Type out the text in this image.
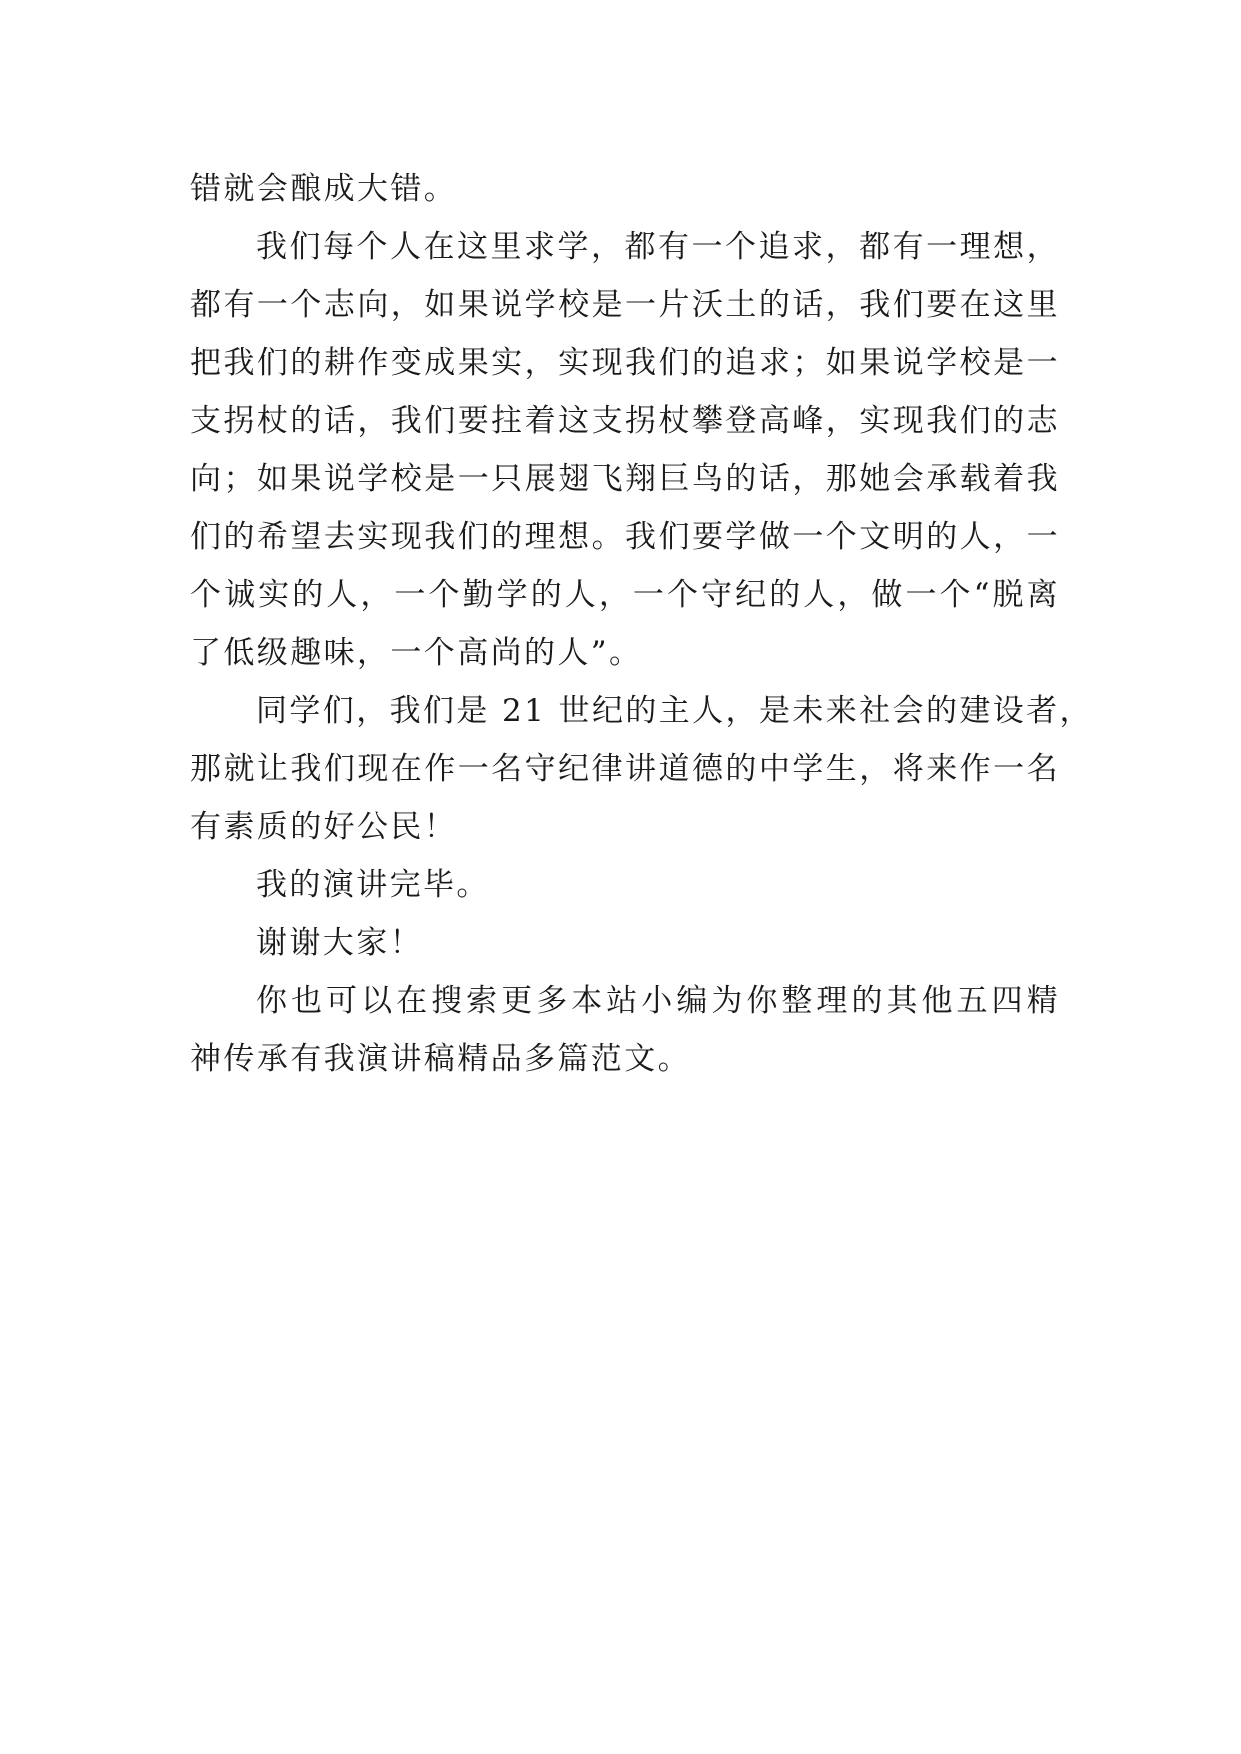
错就会酿成大错。
我们每个人在这里求学，都有一个追求，都有一理想，
都有一个志向，如果说学校是一片沃土的话，我们要在这里
把我们的耕作变成果实，实现我们的追求；如果说学校是一
支拐杖的话，我们要拄着这支拐杖攀登高峰，实现我们的志
向；如果说学校是一只展翅飞翔巨鸟的话，那她会承载着我
们的希望去实现我们的理想。我们要学做一个文明的人，一
个诚实的人，一个勤学的人，一个守纪的人，做一个“脱离
了低级趣味，一个高尚的人”。
同学们，我们是 21 世纪的主人，是未来社会的建设者，
那就让我们现在作一名守纪律讲道德的中学生，将来作一名
有素质的好公民！
我的演讲完毕。
谢谢大家！
你也可以在搜索更多本站小编为你整理的其他五四精
神传承有我演讲稿精品多篇范文。
